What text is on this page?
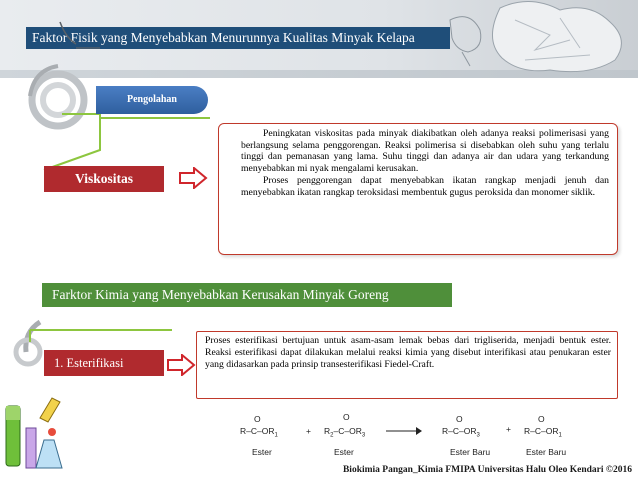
Faktor Fisik yang Menyebabkan Menurunnya Kualitas Minyak Kelapa
Pengolahan
Viskositas

Peningkatan viskositas pada minyak diakibatkan oleh adanya reaksi polimerisasi yang berlangsung selama penggorengan. Reaksi polimerisa si disebabkan oleh suhu yang terlalu tinggi dan pemanasan yang lama. Suhu tinggi dan adanya air dan udara yang terkandung menyebabkan mi nyak mengalami kerusakan.

Proses penggorengan dapat menyebabkan ikatan rangkap menjadi jenuh dan menyebabkan ikatan rangkap teroksidasi membentuk gugus peroksida dan monomer siklik.

Farktor Kimia yang Menyebabkan Kerusakan Minyak Goreng
1. Esterifikasi
Proses esterifikasi bertujuan untuk asam-asam lemak bebas dari trigliserida, menjadi bentuk ester. Reaksi esterifikasi dapat dilakukan melalui reaksi kimia yang disebut interifikasi atau penukaran ester yang didasarkan pada prinsip transesterifikasi Fiedel-Craft.
$R-C-OR_1$
O
+ $R_2-C-OR_3$
O
$R-C-OR_3$
O
+ $R-C-OR_1$
O
Ester	Ester	Ester Baru	Ester Baru
Biokimia Pangan_Kimia FMIPA Universitas Halu Oleo Kendari ©2016
